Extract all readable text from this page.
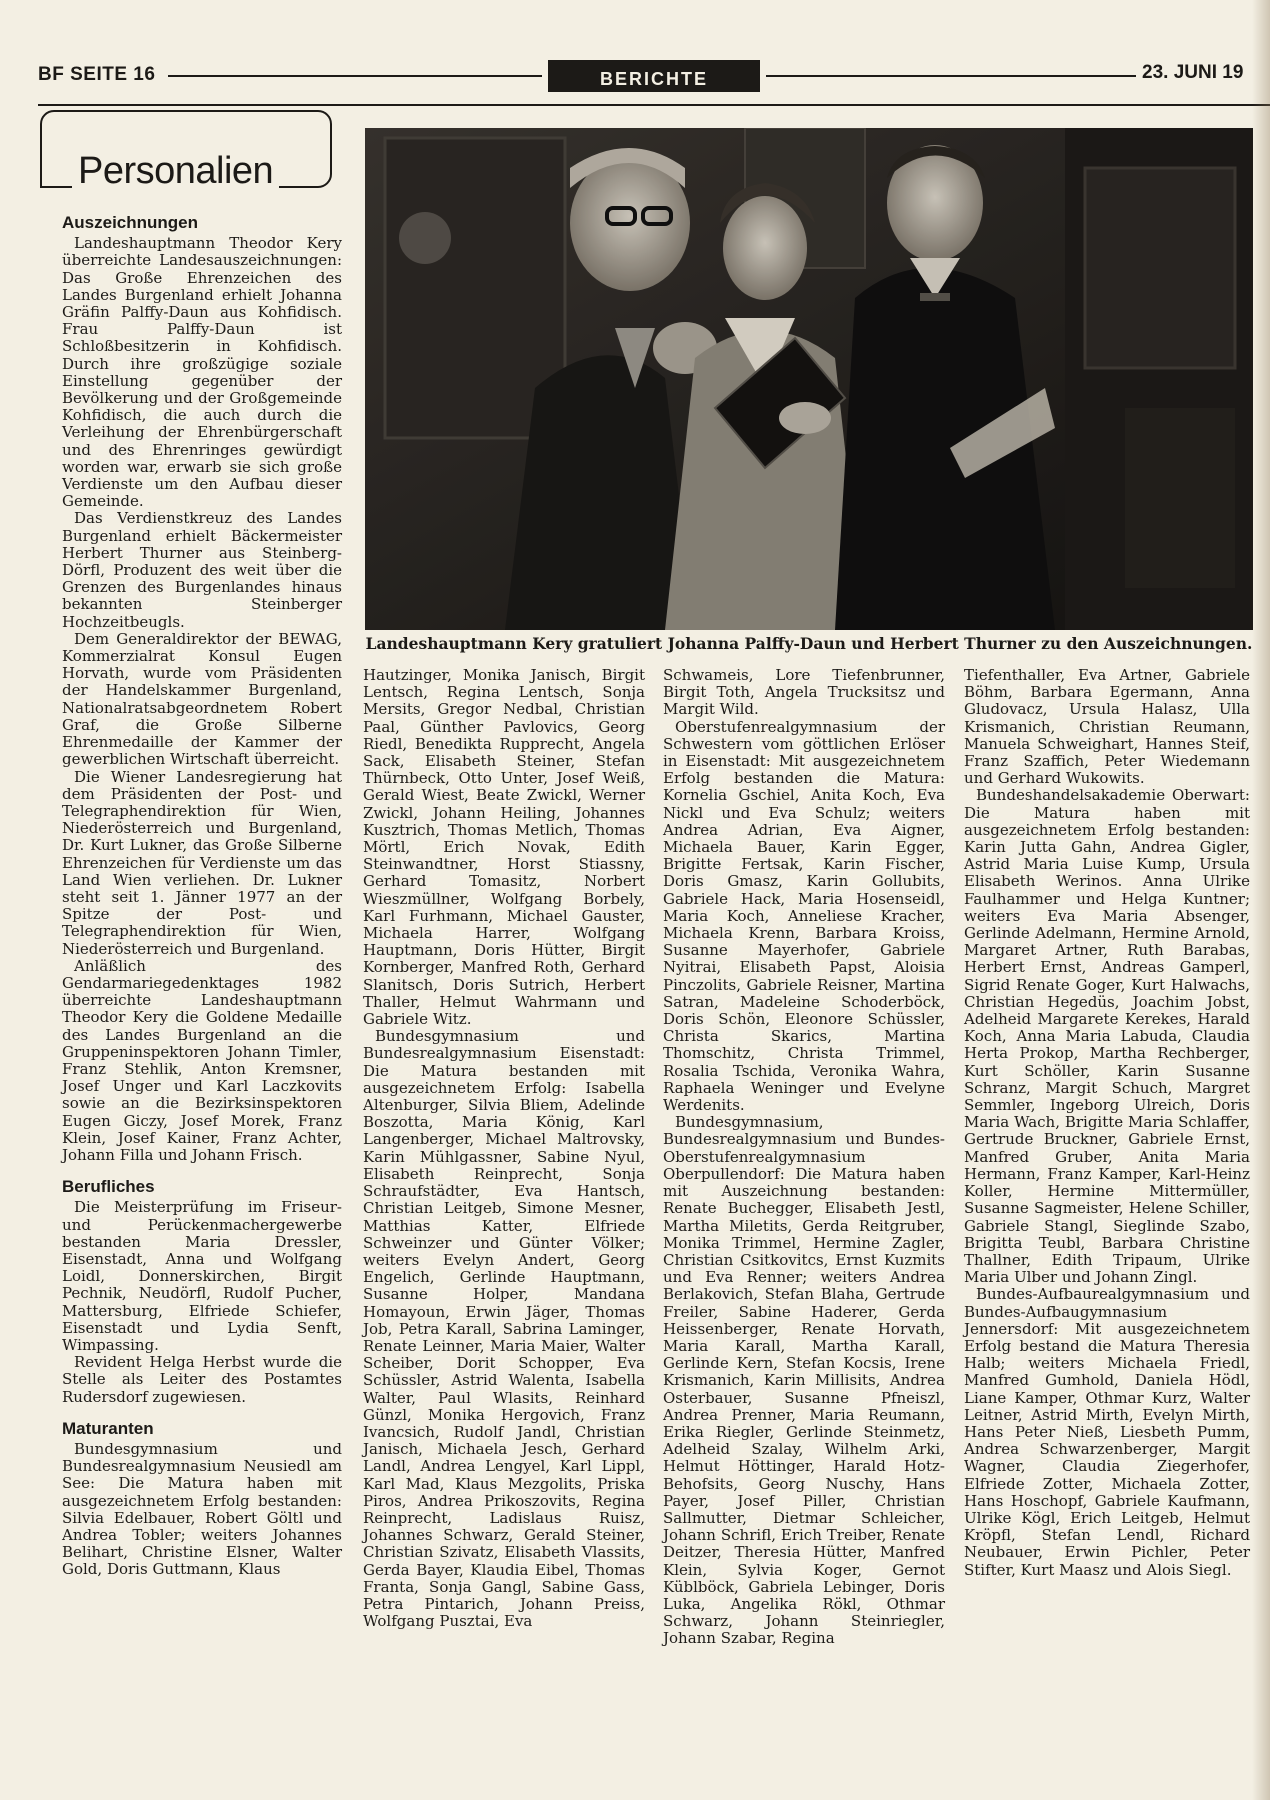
BF SEITE 16	BERICHTE	23. JUNI 19
Personalien
Landeshauptmann Kery gratuliert Johanna Palffy-Daun und Herbert Thurner zu den Auszeichnungen.
Auszeichnungen

Landeshauptmann Theodor Kery überreichte Landesauszeichnungen: Das Große Ehrenzeichen des Landes Burgenland erhielt Johanna Gräfin Palffy-Daun aus Kohfidisch. Frau Palffy-Daun ist Schloßbesitzerin in Kohfidisch. Durch ihre großzügige soziale Einstellung gegenüber der Bevölkerung und der Großgemeinde Kohfidisch, die auch durch die Verleihung der Ehrenbürgerschaft und des Ehrenringes gewürdigt worden war, erwarb sie sich große Verdienste um den Aufbau dieser Gemeinde.

Das Verdienstkreuz des Landes Burgenland erhielt Bäckermeister Herbert Thurner aus Steinberg-Dörfl, Produzent des weit über die Grenzen des Burgenlandes hinaus bekannten Steinberger Hochzeitbeugls.

Dem Generaldirektor der BEWAG, Kommerzialrat Konsul Eugen Horvath, wurde vom Präsidenten der Handelskammer Burgenland, Nationalratsabgeordnetem Robert Graf, die Große Silberne Ehrenmedaille der Kammer der gewerblichen Wirtschaft überreicht.

Die Wiener Landesregierung hat dem Präsidenten der Post- und Telegraphendirektion für Wien, Niederösterreich und Burgenland, Dr. Kurt Lukner, das Große Silberne Ehrenzeichen für Verdienste um das Land Wien verliehen. Dr. Lukner steht seit 1. Jänner 1977 an der Spitze der Post- und Telegraphendirektion für Wien, Niederösterreich und Burgenland.

Anläßlich des Gendarmariegedenktages 1982 überreichte Landeshauptmann Theodor Kery die Goldene Medaille des Landes Burgenland an die Gruppeninspektoren Johann Timler, Franz Stehlik, Anton Kremsner, Josef Unger und Karl Laczkovits sowie an die Bezirksinspektoren Eugen Giczy, Josef Morek, Franz Klein, Josef Kainer, Franz Achter, Johann Filla und Johann Frisch.

Berufliches

Die Meisterprüfung im Friseur- und Perückenmachergewerbe bestanden Maria Dressler, Eisenstadt, Anna und Wolfgang Loidl, Donnerskirchen, Birgit Pechnik, Neudörfl, Rudolf Pucher, Mattersburg, Elfriede Schiefer, Eisenstadt und Lydia Senft, Wimpassing.

Revident Helga Herbst wurde die Stelle als Leiter des Postamtes Rudersdorf zugewiesen.

Maturanten

Bundesgymnasium und Bundesrealgymnasium Neusiedl am See: Die Matura haben mit ausgezeichnetem Erfolg bestanden: Silvia Edelbauer, Robert Göltl und Andrea Tobler; weiters Johannes Belihart, Christine Elsner, Walter Gold, Doris Guttmann, Klaus

Hautzinger, Monika Janisch, Birgit Lentsch, Regina Lentsch, Sonja Mersits, Gregor Nedbal, Christian Paal, Günther Pavlovics, Georg Riedl, Benedikta Rupprecht, Angela Sack, Elisabeth Steiner, Stefan Thürnbeck, Otto Unter, Josef Weiß, Gerald Wiest, Beate Zwickl, Werner Zwickl, Johann Heiling, Johannes Kusztrich, Thomas Metlich, Thomas Mörtl, Erich Novak, Edith Steinwandtner, Horst Stiassny, Gerhard Tomasitz, Norbert Wieszmüllner, Wolfgang Borbely, Karl Furhmann, Michael Gauster, Michaela Harrer, Wolfgang Hauptmann, Doris Hütter, Birgit Kornberger, Manfred Roth, Gerhard Slanitsch, Doris Sutrich, Herbert Thaller, Helmut Wahrmann und Gabriele Witz.

Bundesgymnasium und Bundesrealgymnasium Eisenstadt: Die Matura bestanden mit ausgezeichnetem Erfolg: Isabella Altenburger, Silvia Bliem, Adelinde Boszotta, Maria König, Karl Langenberger, Michael Maltrovsky, Karin Mühlgassner, Sabine Nyul, Elisabeth Reinprecht, Sonja Schraufstädter, Eva Hantsch, Christian Leitgeb, Simone Mesner, Matthias Katter, Elfriede Schweinzer und Günter Völker; weiters Evelyn Andert, Georg Engelich, Gerlinde Hauptmann, Susanne Holper, Mandana Homayoun, Erwin Jäger, Thomas Job, Petra Karall, Sabrina Laminger, Renate Leinner, Maria Maier, Walter Scheiber, Dorit Schopper, Eva Schüssler, Astrid Walenta, Isabella Walter, Paul Wlasits, Reinhard Günzl, Monika Hergovich, Franz Ivancsich, Rudolf Jandl, Christian Janisch, Michaela Jesch, Gerhard Landl, Andrea Lengyel, Karl Lippl, Karl Mad, Klaus Mezgolits, Priska Piros, Andrea Prikoszovits, Regina Reinprecht, Ladislaus Ruisz, Johannes Schwarz, Gerald Steiner, Christian Szivatz, Elisabeth Vlassits, Gerda Bayer, Klaudia Eibel, Thomas Franta, Sonja Gangl, Sabine Gass, Petra Pintarich, Johann Preiss, Wolfgang Pusztai, Eva

Schwameis, Lore Tiefenbrunner, Birgit Toth, Angela Trucksitsz und Margit Wild.

Oberstufenrealgymnasium der Schwestern vom göttlichen Erlöser in Eisenstadt: Mit ausgezeichnetem Erfolg bestanden die Matura: Kornelia Gschiel, Anita Koch, Eva Nickl und Eva Schulz; weiters Andrea Adrian, Eva Aigner, Michaela Bauer, Karin Egger, Brigitte Fertsak, Karin Fischer, Doris Gmasz, Karin Gollubits, Gabriele Hack, Maria Hosenseidl, Maria Koch, Anneliese Kracher, Michaela Krenn, Barbara Kroiss, Susanne Mayerhofer, Gabriele Nyitrai, Elisabeth Papst, Aloisia Pinczolits, Gabriele Reisner, Martina Satran, Madeleine Schoderböck, Doris Schön, Eleonore Schüssler, Christa Skarics, Martina Thomschitz, Christa Trimmel, Rosalia Tschida, Veronika Wahra, Raphaela Weninger und Evelyne Werdenits.

Bundesgymnasium, Bundesrealgymnasium und Bundes-Oberstufenrealgymnasium Oberpullendorf: Die Matura haben mit Auszeichnung bestanden: Renate Buchegger, Elisabeth Jestl, Martha Miletits, Gerda Reitgruber, Monika Trimmel, Hermine Zagler, Christian Csitkovitcs, Ernst Kuzmits und Eva Renner; weiters Andrea Berlakovich, Stefan Blaha, Gertrude Freiler, Sabine Haderer, Gerda Heissenberger, Renate Horvath, Maria Karall, Martha Karall, Gerlinde Kern, Stefan Kocsis, Irene Krismanich, Karin Millisits, Andrea Osterbauer, Susanne Pfneiszl, Andrea Prenner, Maria Reumann, Erika Riegler, Gerlinde Steinmetz, Adelheid Szalay, Wilhelm Arki, Helmut Höttinger, Harald Hotz-Behofsits, Georg Nuschy, Hans Payer, Josef Piller, Christian Sallmutter, Dietmar Schleicher, Johann Schrifl, Erich Treiber, Renate Deitzer, Theresia Hütter, Manfred Klein, Sylvia Koger, Gernot Küblböck, Gabriela Lebinger, Doris Luka, Angelika Rökl, Othmar Schwarz, Johann Steinriegler, Johann Szabar, Regina

Tiefenthaller, Eva Artner, Gabriele Böhm, Barbara Egermann, Anna Gludovacz, Ursula Halasz, Ulla Krismanich, Christian Reumann, Manuela Schweighart, Hannes Steif, Franz Szaffich, Peter Wiedemann und Gerhard Wukowits.

Bundeshandelsakademie Oberwart: Die Matura haben mit ausgezeichnetem Erfolg bestanden: Karin Jutta Gahn, Andrea Gigler, Astrid Maria Luise Kump, Ursula Elisabeth Werinos. Anna Ulrike Faulhammer und Helga Kuntner; weiters Eva Maria Absenger, Gerlinde Adelmann, Hermine Arnold, Margaret Artner, Ruth Barabas, Herbert Ernst, Andreas Gamperl, Sigrid Renate Goger, Kurt Halwachs, Christian Hegedüs, Joachim Jobst, Adelheid Margarete Kerekes, Harald Koch, Anna Maria Labuda, Claudia Herta Prokop, Martha Rechberger, Kurt Schöller, Karin Susanne Schranz, Margit Schuch, Margret Semmler, Ingeborg Ulreich, Doris Maria Wach, Brigitte Maria Schlaffer, Gertrude Bruckner, Gabriele Ernst, Manfred Gruber, Anita Maria Hermann, Franz Kamper, Karl-Heinz Koller, Hermine Mittermüller, Susanne Sagmeister, Helene Schiller, Gabriele Stangl, Sieglinde Szabo, Brigitta Teubl, Barbara Christine Thallner, Edith Tripaum, Ulrike Maria Ulber und Johann Zingl.

Bundes-Aufbaurealgymnasium und Bundes-Aufbaugymnasium Jennersdorf: Mit ausgezeichnetem Erfolg bestand die Matura Theresia Halb; weiters Michaela Friedl, Manfred Gumhold, Daniela Hödl, Liane Kamper, Othmar Kurz, Walter Leitner, Astrid Mirth, Evelyn Mirth, Hans Peter Nieß, Liesbeth Pumm, Andrea Schwarzenberger, Margit Wagner, Claudia Ziegerhofer, Elfriede Zotter, Michaela Zotter, Hans Hoschopf, Gabriele Kaufmann, Ulrike Kögl, Erich Leitgeb, Helmut Kröpfl, Stefan Lendl, Richard Neubauer, Erwin Pichler, Peter Stifter, Kurt Maasz und Alois Siegl.
